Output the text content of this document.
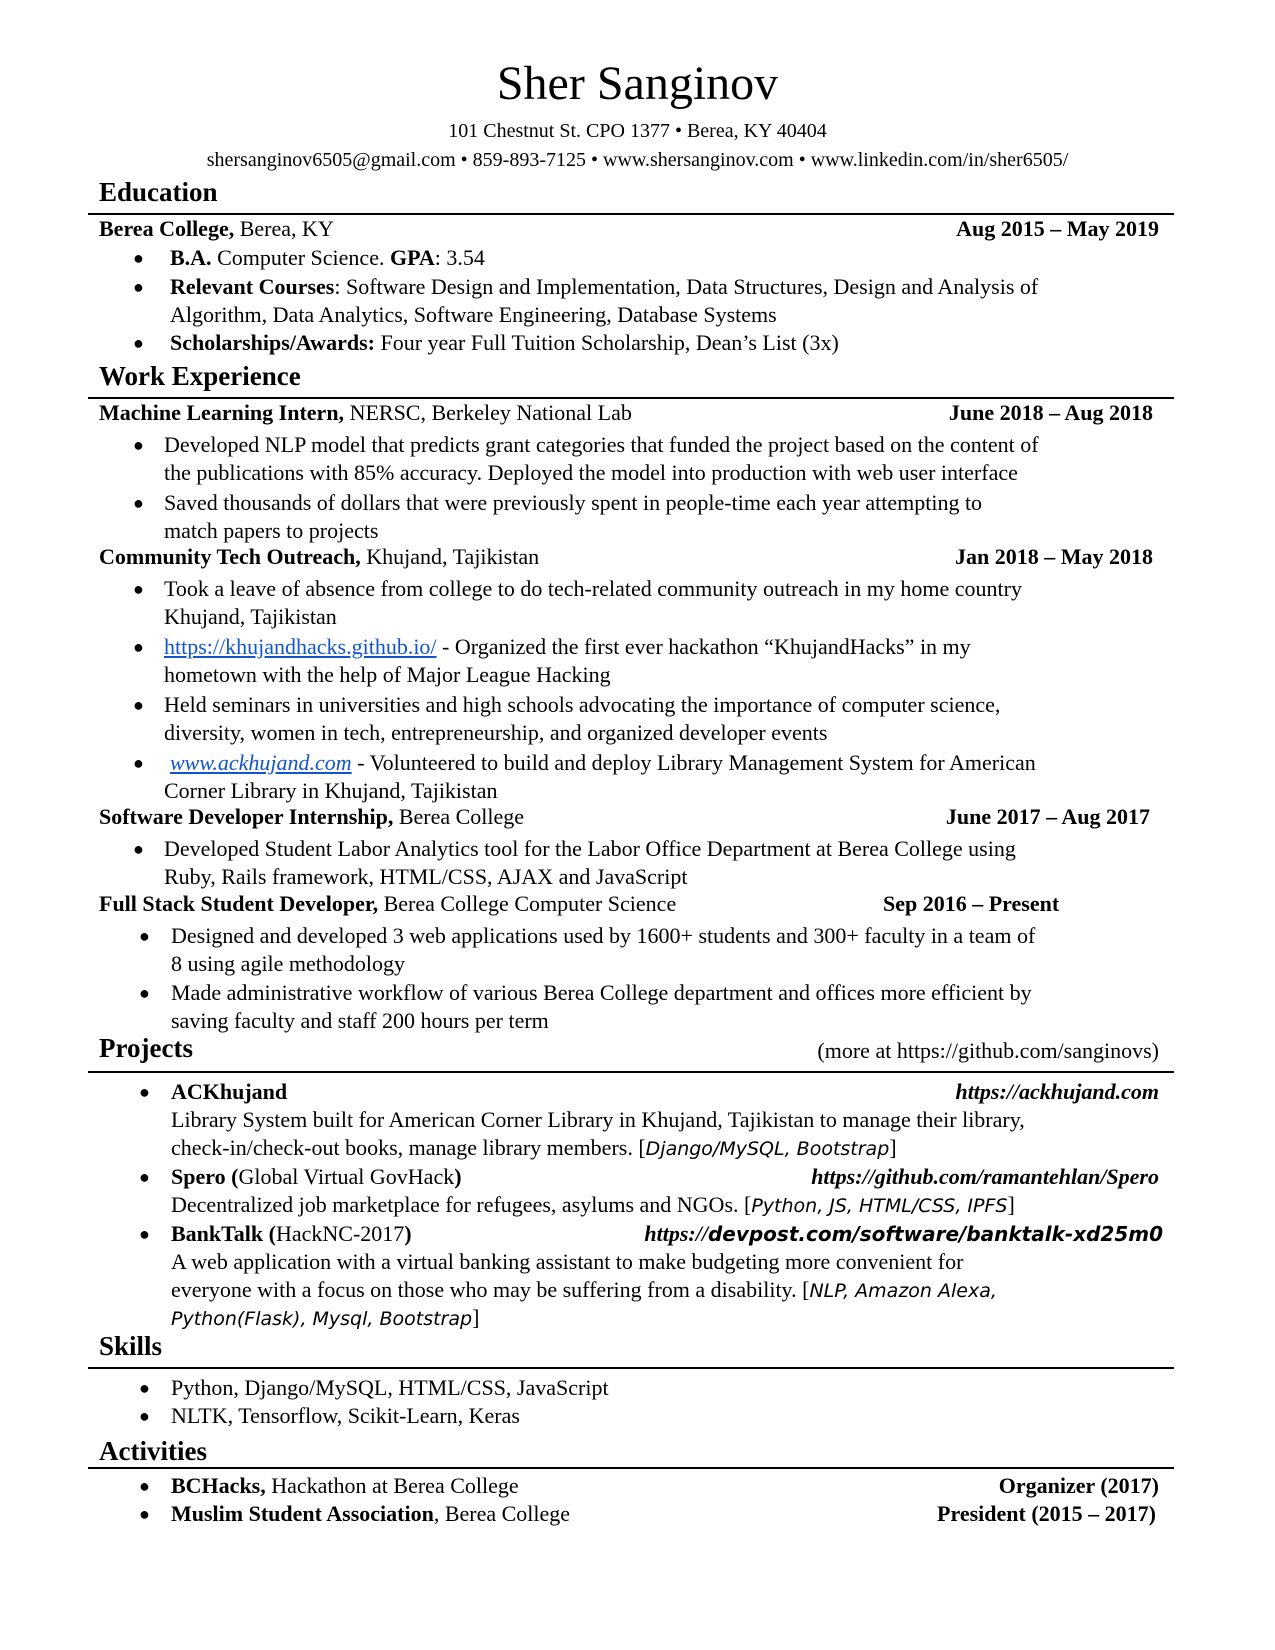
Sher Sanginov
101 Chestnut St. CPO 1377 • Berea, KY 40404
shersanginov6505@gmail.com • 859-893-7125 • www.shersanginov.com • www.linkedin.com/in/sher6505/
Education
Berea College, Berea, KY	Aug 2015 – May 2019
● B.A. Computer Science. GPA: 3.54
● Relevant Courses: Software Design and Implementation, Data Structures, Design and Analysis of
Algorithm, Data Analytics, Software Engineering, Database Systems
● Scholarships/Awards: Four year Full Tuition Scholarship, Dean’s List (3x)
Work Experience
Machine Learning Intern, NERSC, Berkeley National Lab	June 2018 – Aug 2018
● Developed NLP model that predicts grant categories that funded the project based on the content of
the publications with 85% accuracy. Deployed the model into production with web user interface
● Saved thousands of dollars that were previously spent in people-time each year attempting to
match papers to projects
Community Tech Outreach, Khujand, Tajikistan	Jan 2018 – May 2018
● Took a leave of absence from college to do tech-related community outreach in my home country
Khujand, Tajikistan
● https://khujandhacks.github.io/ - Organized the first ever hackathon “KhujandHacks” in my
hometown with the help of Major League Hacking
● Held seminars in universities and high schools advocating the importance of computer science,
diversity, women in tech, entrepreneurship, and organized developer events
● www.ackhujand.com - Volunteered to build and deploy Library Management System for American
Corner Library in Khujand, Tajikistan
Software Developer Internship, Berea College	June 2017 – Aug 2017
● Developed Student Labor Analytics tool for the Labor Office Department at Berea College using
Ruby, Rails framework, HTML/CSS, AJAX and JavaScript
Full Stack Student Developer, Berea College Computer Science	Sep 2016 – Present
● Designed and developed 3 web applications used by 1600+ students and 300+ faculty in a team of
8 using agile methodology
● Made administrative workflow of various Berea College department and offices more efficient by
saving faculty and staff 200 hours per term
Projects	(more at https://github.com/sanginovs)
● ACKhujand
Library System built for American Corner Library in Khujand, Tajikistan to manage their library,
check-in/check-out books, manage library members. [Django/MySQL, Bootstrap]
https://ackhujand.com
● Spero (Global Virtual GovHack)
Decentralized job marketplace for refugees, asylums and NGOs. [Python, JS, HTML/CSS, IPFS]
https://github.com/ramantehlan/Spero
● BankTalk (HackNC-2017)
A web application with a virtual banking assistant to make budgeting more convenient for
everyone with a focus on those who may be suffering from a disability. [NLP, Amazon Alexa,
Python(Flask), Mysql, Bootstrap]
https://devpost.com/software/banktalk-xd25m0
Skills
● Python, Django/MySQL, HTML/CSS, JavaScript
● NLTK, Tensorflow, Scikit-Learn, Keras
Activities
● BCHacks, Hackathon at Berea College	Organizer (2017)
● Muslim Student Association, Berea College	President (2015 – 2017)
